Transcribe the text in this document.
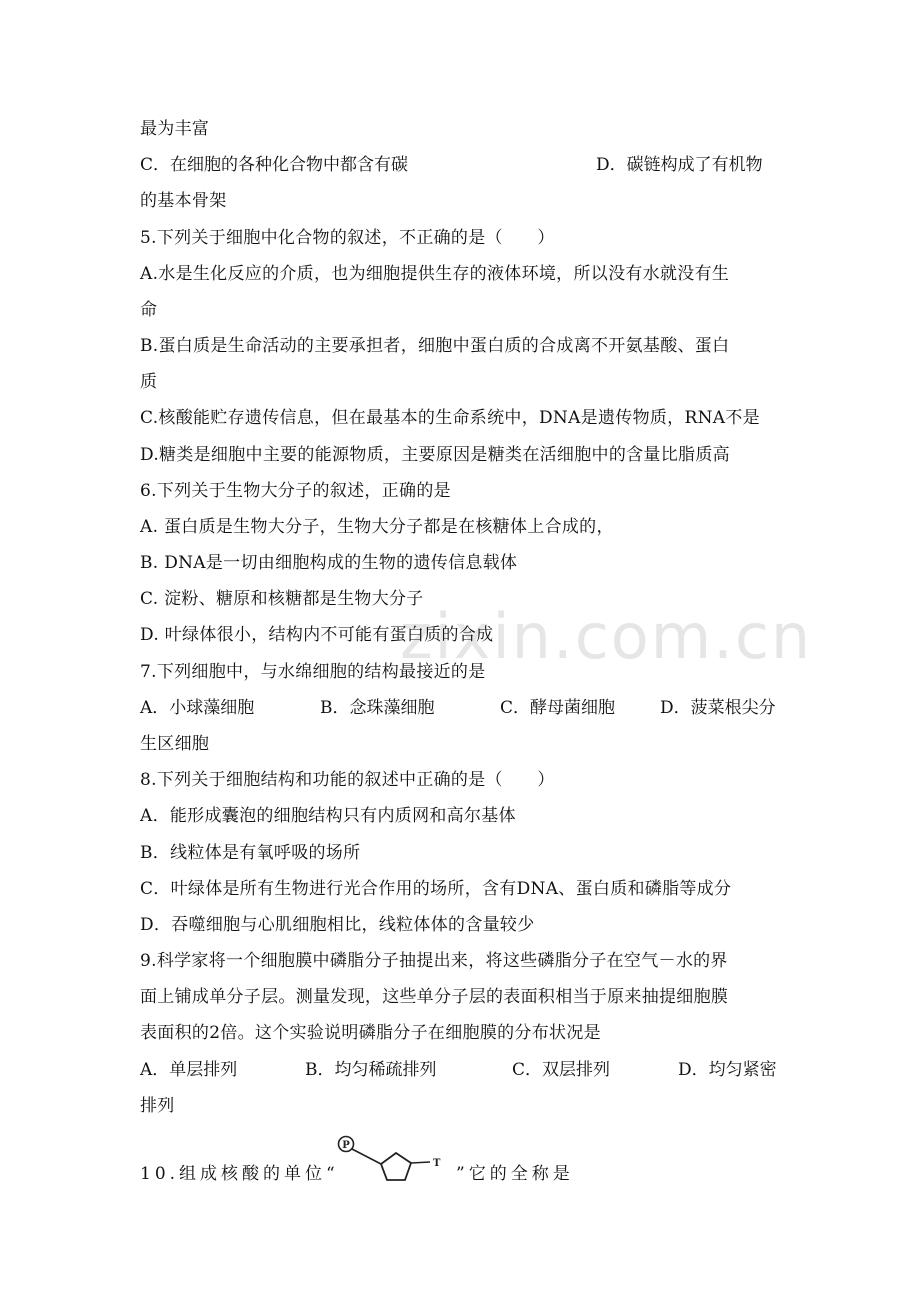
zixin.com.cn
最为丰富
C．在细胞的各种化合物中都含有碳	D．碳链构成了有机物
的基本骨架
5.下列关于细胞中化合物的叙述，不正确的是（　　）
A.水是生化反应的介质，也为细胞提供生存的液体环境，所以没有水就没有生
命
B.蛋白质是生命活动的主要承担者，细胞中蛋白质的合成离不开氨基酸、蛋白
质
C.核酸能贮存遗传信息，但在最基本的生命系统中，DNA是遗传物质，RNA不是
D.糖类是细胞中主要的能源物质，主要原因是糖类在活细胞中的含量比脂质高
6.下列关于生物大分子的叙述，正确的是
A. 蛋白质是生物大分子，生物大分子都是在核糖体上合成的，
B. DNA是一切由细胞构成的生物的遗传信息载体
C. 淀粉、糖原和核糖都是生物大分子
D. 叶绿体很小，结构内不可能有蛋白质的合成
7.下列细胞中，与水绵细胞的结构最接近的是
A．小球藻细胞	B．念珠藻细胞	C．酵母菌细胞	D．菠菜根尖分
生区细胞
8.下列关于细胞结构和功能的叙述中正确的是（　　）
A．能形成囊泡的细胞结构只有内质网和高尔基体
B．线粒体是有氧呼吸的场所
C．叶绿体是所有生物进行光合作用的场所，含有DNA、蛋白质和磷脂等成分
D．吞噬细胞与心肌细胞相比，线粒体体的含量较少
9.科学家将一个细胞膜中磷脂分子抽提出来，将这些磷脂分子在空气－水的界
面上铺成单分子层。测量发现，这些单分子层的表面积相当于原来抽提细胞膜
表面积的2倍。这个实验说明磷脂分子在细胞膜的分布状况是
A．单层排列	B．均匀稀疏排列	C．双层排列	D．均匀紧密
排列
10.组成核酸的单位“	”它的全称是
P
T
